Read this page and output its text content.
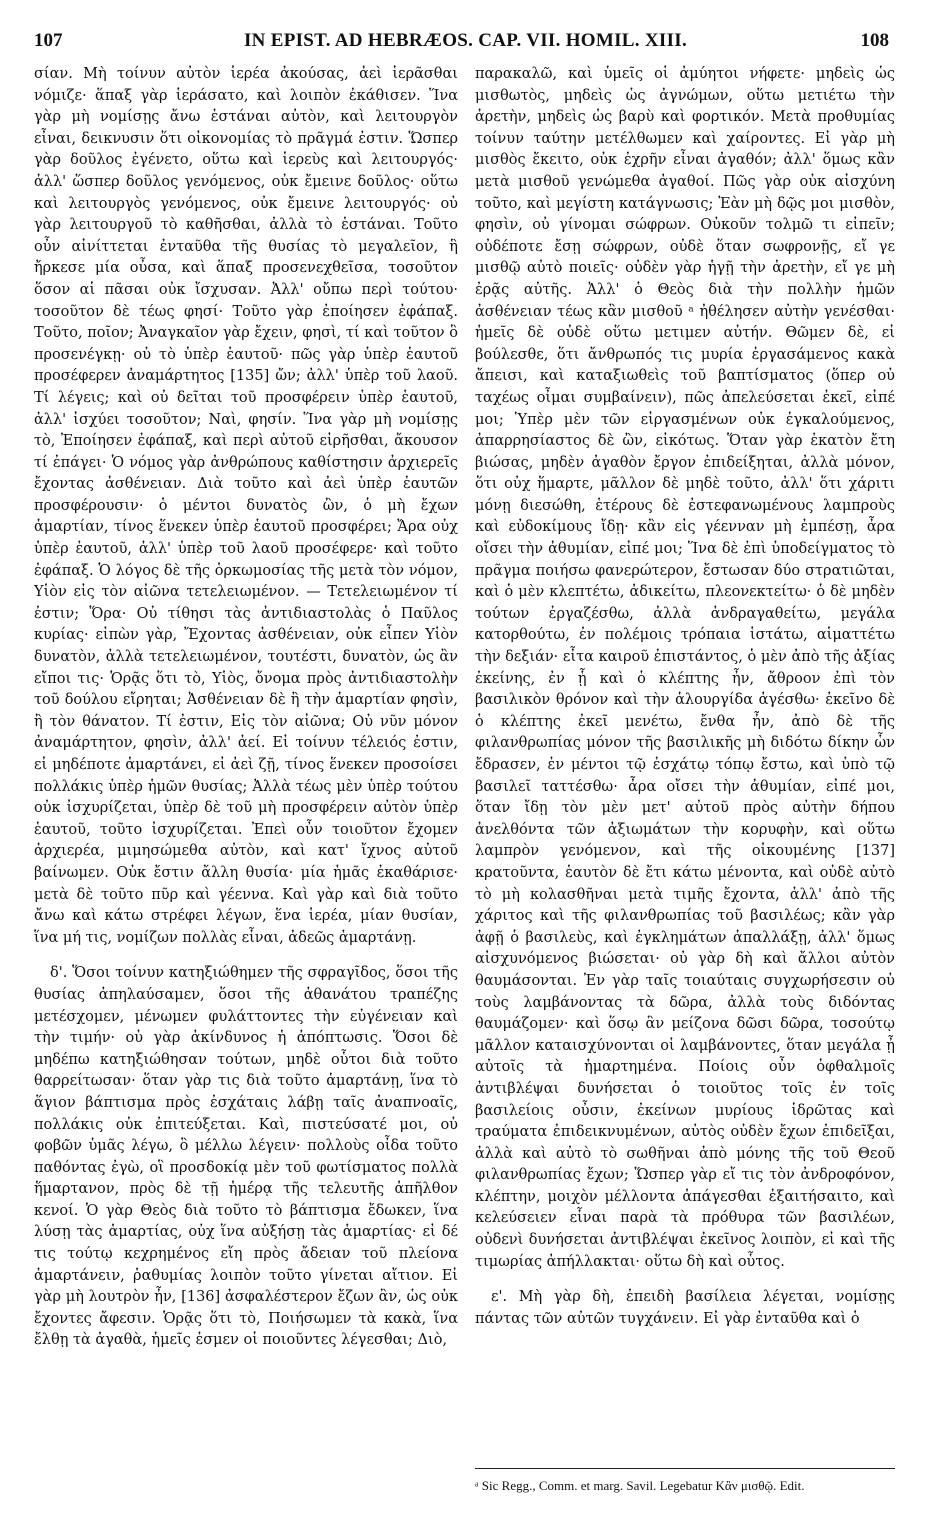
107	IN EPIST. AD HEBRÆOS. CAP. VII. HOMIL. XIII.	108

σίαν. Μὴ τοίνυν αὐτὸν ἱερέα ἀκούσας, ἀεὶ ἱερᾶσθαι νόμιζε· ἅπαξ γὰρ ἱεράσατο, καὶ λοιπὸν ἐκάθισεν. Ἵνα γὰρ μὴ νομίσῃς ἄνω ἑστάναι αὐτὸν, καὶ λειτουργὸν εἶναι, δεικνυσιν ὅτι οἰκονομίας τὸ πρᾶγμά ἐστιν. Ὥσπερ γὰρ δοῦλος ἐγένετο, οὕτω καὶ ἱερεὺς καὶ λειτουργός· ἀλλ' ὥσπερ δοῦλος γενόμενος, οὐκ ἔμεινε δοῦλος· οὕτω καὶ λειτουργὸς γενόμενος, οὐκ ἔμεινε λειτουργός· οὐ γὰρ λειτουργοῦ τὸ καθῆσθαι, ἀλλὰ τὸ ἑστάναι. Τοῦτο οὖν αἰνίττεται ἐνταῦθα τῆς θυσίας τὸ μεγαλεῖον, ἣ ἤρκεσε μία οὖσα, καὶ ἅπαξ προσενεχθεῖσα, τοσοῦτον ὅσον αἱ πᾶσαι οὐκ ἴσχυσαν. Ἀλλ' οὔπω περὶ τούτου· τοσοῦτον δὲ τέως φησί· Τοῦτο γὰρ ἐποίησεν ἐφάπαξ. Τοῦτο, ποῖον; Ἀναγκαῖον γὰρ ἔχειν, φησὶ, τί καὶ τοῦτον ὃ προσενέγκῃ· οὐ τὸ ὑπὲρ ἑαυτοῦ· πῶς γὰρ ὑπὲρ ἑαυτοῦ προσέφερεν ἀναμάρτητος [135] ὤν; ἀλλ' ὑπὲρ τοῦ λαοῦ. Τί λέγεις; καὶ οὐ δεῖται τοῦ προσφέρειν ὑπὲρ ἑαυτοῦ, ἀλλ' ἰσχύει τοσοῦτον; Ναὶ, φησίν. Ἵνα γὰρ μὴ νομίσῃς τὸ, Ἐποίησεν ἐφάπαξ, καὶ περὶ αὐτοῦ εἰρῆσθαι, ἄκουσον τί ἐπάγει· Ὁ νόμος γὰρ ἀνθρώπους καθίστησιν ἀρχιερεῖς ἔχοντας ἀσθένειαν. Διὰ τοῦτο καὶ ἀεὶ ὑπὲρ ἑαυτῶν προσφέρουσιν· ὁ μέντοι δυνατὸς ὢν, ὁ μὴ ἔχων ἁμαρτίαν, τίνος ἕνεκεν ὑπὲρ ἑαυτοῦ προσφέρει; Ἄρα οὐχ ὑπὲρ ἑαυτοῦ, ἀλλ' ὑπὲρ τοῦ λαοῦ προσέφερε· καὶ τοῦτο ἐφάπαξ. Ὁ λόγος δὲ τῆς ὁρκωμοσίας τῆς μετὰ τὸν νόμον, Υἱὸν εἰς τὸν αἰῶνα τετελειωμένον. — Τετελειωμένον τί ἐστιν; Ὅρα· Οὐ τίθησι τὰς ἀντιδιαστολὰς ὁ Παῦλος κυρίας· εἰπὼν γὰρ, Ἔχοντας ἀσθένειαν, οὐκ εἶπεν Υἱὸν δυνατὸν, ἀλλὰ τετελειωμένον, τουτέστι, δυνατὸν, ὡς ἂν εἴποι τις· Ὁρᾷς ὅτι τὸ, Υἱὸς, ὄνομα πρὸς ἀντιδιαστολὴν τοῦ δούλου εἴρηται; Ἀσθένειαν δὲ ἢ τὴν ἁμαρτίαν φησὶν, ἢ τὸν θάνατον. Τί ἐστιν, Εἰς τὸν αἰῶνα; Οὐ νῦν μόνον ἀναμάρτητον, φησὶν, ἀλλ' ἀεί. Εἰ τοίνυν τέλειός ἐστιν, εἰ μηδέποτε ἁμαρτάνει, εἰ ἀεὶ ζῇ, τίνος ἕνεκεν προσοίσει πολλάκις ὑπὲρ ἡμῶν θυσίας; Ἀλλὰ τέως μὲν ὑπὲρ τούτου οὐκ ἰσχυρίζεται, ὑπὲρ δὲ τοῦ μὴ προσφέρειν αὐτὸν ὑπὲρ ἑαυτοῦ, τοῦτο ἰσχυρίζεται. Ἐπεὶ οὖν τοιοῦτον ἔχομεν ἀρχιερέα, μιμησώμεθα αὐτὸν, καὶ κατ' ἴχνος αὐτοῦ βαίνωμεν. Οὐκ ἔστιν ἄλλη θυσία· μία ἡμᾶς ἐκαθάρισε· μετὰ δὲ τοῦτο πῦρ καὶ γέεννα. Καὶ γὰρ καὶ διὰ τοῦτο ἄνω καὶ κάτω στρέφει λέγων, ἕνα ἱερέα, μίαν θυσίαν, ἵνα μή τις, νομίζων πολλὰς εἶναι, ἀδεῶς ἁμαρτάνῃ.

δ'. Ὅσοι τοίνυν κατηξιώθημεν τῆς σφραγῖδος, ὅσοι τῆς θυσίας ἀπηλαύσαμεν, ὅσοι τῆς ἀθανάτου τραπέζης μετέσχομεν, μένωμεν φυλάττοντες τὴν εὐγένειαν καὶ τὴν τιμήν· οὐ γὰρ ἀκίνδυνος ἡ ἀπόπτωσις. Ὅσοι δὲ μηδέπω κατηξιώθησαν τούτων, μηδὲ οὗτοι διὰ τοῦτο θαρρείτωσαν· ὅταν γὰρ τις διὰ τοῦτο ἁμαρτάνῃ, ἵνα τὸ ἅγιον βάπτισμα πρὸς ἐσχάταις λάβῃ ταῖς ἀναπνοαῖς, πολλάκις οὐκ ἐπιτεύξεται. Καὶ, πιστεύσατέ μοι, οὐ φοβῶν ὑμᾶς λέγω, ὃ μέλλω λέγειν· πολλοὺς οἶδα τοῦτο παθόντας ἐγὼ, οἳ προσδοκίᾳ μὲν τοῦ φωτίσματος πολλὰ ἥμαρτανον, πρὸς δὲ τῇ ἡμέρᾳ τῆς τελευτῆς ἀπῆλθον κενοί. Ὁ γὰρ Θεὸς διὰ τοῦτο τὸ βάπτισμα ἔδωκεν, ἵνα λύσῃ τὰς ἁμαρτίας, οὐχ ἵνα αὐξήσῃ τὰς ἁμαρτίας· εἰ δέ τις τούτῳ κεχρημένος εἴη πρὸς ἄδειαν τοῦ πλείονα ἁμαρτάνειν, ῥαθυμίας λοιπὸν τοῦτο γίνεται αἴτιον. Εἰ γὰρ μὴ λουτρὸν ἦν, [136] ἀσφαλέστερον ἔζων ἂν, ὡς οὐκ ἔχοντες ἄφεσιν. Ὁρᾷς ὅτι τὸ, Ποιήσωμεν τὰ κακὰ, ἵνα ἔλθῃ τὰ ἀγαθὰ, ἡμεῖς ἐσμεν οἱ ποιοῦντες λέγεσθαι; Διὸ,

παρακαλῶ, καὶ ὑμεῖς οἱ ἀμύητοι νήφετε· μηδεὶς ὡς μισθωτὸς, μηδεὶς ὡς ἀγνώμων, οὕτω μετιέτω τὴν ἀρετὴν, μηδεὶς ὡς βαρὺ καὶ φορτικόν. Μετὰ προθυμίας τοίνυν ταύτην μετέλθωμεν καὶ χαίροντες. Εἰ γὰρ μὴ μισθὸς ἔκειτο, οὐκ ἐχρῆν εἶναι ἀγαθόν; ἀλλ' ὅμως κἂν μετὰ μισθοῦ γενώμεθα ἀγαθοί. Πῶς γὰρ οὐκ αἰσχύνη τοῦτο, καὶ μεγίστη κατάγνωσις; Ἐὰν μὴ δῷς μοι μισθὸν, φησὶν, οὐ γίνομαι σώφρων. Οὐκοῦν τολμῶ τι εἰπεῖν; οὐδέποτε ἔσῃ σώφρων, οὐδὲ ὅταν σωφρονῇς, εἴ γε μισθῷ αὐτὸ ποιεῖς· οὐδὲν γὰρ ἡγῇ τὴν ἀρετὴν, εἴ γε μὴ ἐρᾷς αὐτῆς. Ἀλλ' ὁ Θεὸς διὰ τὴν πολλὴν ἡμῶν ἀσθένειαν τέως κἂν μισθοῦ ᵃ ἠθέλησεν αὐτὴν γενέσθαι· ἡμεῖς δὲ οὐδὲ οὕτω μετιμεν αὐτήν. Θῶμεν δὲ, εἰ βούλεσθε, ὅτι ἄνθρωπός τις μυρία ἐργασάμενος κακὰ ἄπεισι, καὶ καταξιωθεὶς τοῦ βαπτίσματος (ὅπερ οὐ ταχέως οἶμαι συμβαίνειν), πῶς ἀπελεύσεται ἐκεῖ, εἰπέ μοι; Ὑπὲρ μὲν τῶν εἰργασμένων οὐκ ἐγκαλούμενος, ἀπαρρησίαστος δὲ ὢν, εἰκότως. Ὅταν γὰρ ἑκατὸν ἔτη βιώσας, μηδὲν ἀγαθὸν ἔργον ἐπιδείξηται, ἀλλὰ μόνον, ὅτι οὐχ ἥμαρτε, μᾶλλον δὲ μηδὲ τοῦτο, ἀλλ' ὅτι χάριτι μόνῃ διεσώθη, ἑτέρους δὲ ἐστεφανωμένους λαμπροὺς καὶ εὐδοκίμους ἴδῃ· κἂν εἰς γέενναν μὴ ἐμπέσῃ, ἆρα οἴσει τὴν ἀθυμίαν, εἰπέ μοι; Ἵνα δὲ ἐπὶ ὑποδείγματος τὸ πρᾶγμα ποιήσω φανερώτερον, ἔστωσαν δύο στρατιῶται, καὶ ὁ μὲν κλεπτέτω, ἀδικείτω, πλεονεκτείτω· ὁ δὲ μηδὲν τούτων ἐργαζέσθω, ἀλλὰ ἀνδραγαθείτω, μεγάλα κατορθούτω, ἐν πολέμοις τρόπαια ἱστάτω, αἱματτέτω τὴν δεξιάν· εἶτα καιροῦ ἐπιστάντος, ὁ μὲν ἀπὸ τῆς ἀξίας ἐκείνης, ἐν ᾗ καὶ ὁ κλέπτης ἦν, ἄθροον ἐπὶ τὸν βασιλικὸν θρόνον καὶ τὴν ἁλουργίδα ἀγέσθω· ἐκεῖνο δὲ ὁ κλέπτης ἐκεῖ μενέτω, ἔνθα ἦν, ἀπὸ δὲ τῆς φιλανθρωπίας μόνον τῆς βασιλικῆς μὴ διδότω δίκην ὧν ἔδρασεν, ἐν μέντοι τῷ ἐσχάτῳ τόπῳ ἔστω, καὶ ὑπὸ τῷ βασιλεῖ ταττέσθω· ἆρα οἴσει τὴν ἀθυμίαν, εἰπέ μοι, ὅταν ἴδῃ τὸν μὲν μετ' αὐτοῦ πρὸς αὐτὴν δήπου ἀνελθόντα τῶν ἀξιωμάτων τὴν κορυφὴν, καὶ οὕτω λαμπρὸν γενόμενον, καὶ τῆς οἰκουμένης [137] κρατοῦντα, ἑαυτὸν δὲ ἔτι κάτω μένοντα, καὶ οὐδὲ αὐτὸ τὸ μὴ κολασθῆναι μετὰ τιμῆς ἔχοντα, ἀλλ' ἀπὸ τῆς χάριτος καὶ τῆς φιλανθρωπίας τοῦ βασιλέως; κἂν γὰρ ἀφῇ ὁ βασιλεὺς, καὶ ἐγκλημάτων ἀπαλλάξῃ, ἀλλ' ὅμως αἰσχυνόμενος βιώσεται· οὐ γὰρ δὴ καὶ ἄλλοι αὐτὸν θαυμάσονται. Ἐν γὰρ ταῖς τοιαύταις συγχωρήσεσιν οὐ τοὺς λαμβάνοντας τὰ δῶρα, ἀλλὰ τοὺς διδόντας θαυμάζομεν· καὶ ὅσῳ ἂν μείζονα δῶσι δῶρα, τοσούτῳ μᾶλλον καταισχύνονται οἱ λαμβάνοντες, ὅταν μεγάλα ᾖ αὐτοῖς τὰ ἡμαρτημένα. Ποίοις οὖν ὀφθαλμοῖς ἀντιβλέψαι δυνήσεται ὁ τοιοῦτος τοῖς ἐν τοῖς βασιλείοις οὖσιν, ἐκείνων μυρίους ἱδρῶτας καὶ τραύματα ἐπιδεικνυμένων, αὐτὸς οὐδὲν ἔχων ἐπιδεῖξαι, ἀλλὰ καὶ αὐτὸ τὸ σωθῆναι ἀπὸ μόνης τῆς τοῦ Θεοῦ φιλανθρωπίας ἔχων; Ὥσπερ γὰρ εἴ τις τὸν ἀνδροφόνον, κλέπτην, μοιχὸν μέλλοντα ἀπάγεσθαι ἐξαιτήσαιτο, καὶ κελεύσειεν εἶναι παρὰ τὰ πρόθυρα τῶν βασιλέων, οὐδενὶ δυνήσεται ἀντιβλέψαι ἐκεῖνος λοιπὸν, εἰ καὶ τῆς τιμωρίας ἀπήλλακται· οὕτω δὴ καὶ οὗτος.

ε'. Μὴ γὰρ δὴ, ἐπειδὴ βασίλεια λέγεται, νομίσῃς πάντας τῶν αὐτῶν τυγχάνειν. Εἰ γὰρ ἐνταῦθα καὶ ὁ

ᵃ Sic Regg., Comm. et marg. Savil. Legebatur Κἂν μισθῷ. Edit.
